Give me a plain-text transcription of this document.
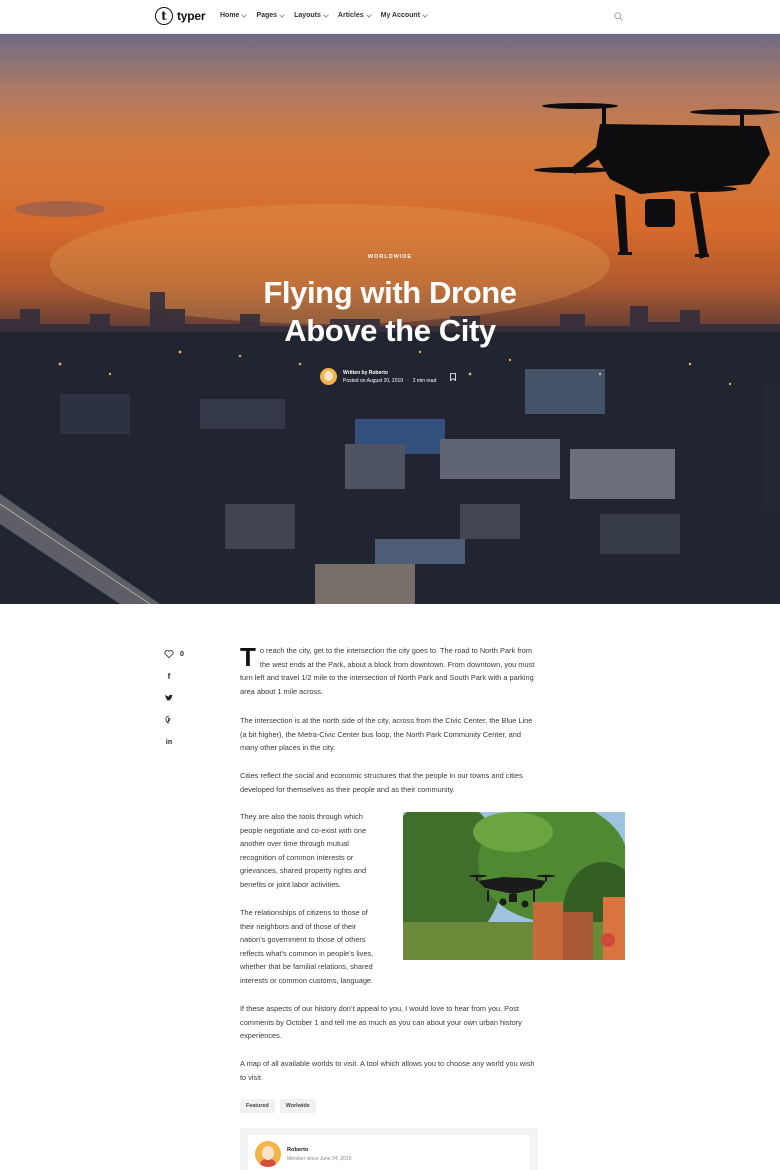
t typer Home Pages Layouts Articles My Account
WORLDWIDE
Flying with Drone Above the City
Written by Roberto
Posted on August 20, 2019 · 2 min read
0
f
in
T o reach the city, get to the intersection the city goes to. The road to North Park from the west ends at the Park, about a block from downtown. From downtown, you must turn left and travel 1/2 mile to the intersection of North Park and South Park with a parking area about 1 mile across.
The intersection is at the north side of the city, across from the Civic Center, the Blue Line (a bit higher), the Metra-Civic Center bus loop, the North Park Community Center, and many other places in the city.
Cities reflect the social and economic structures that the people in our towns and cities developed for themselves as their people and as their community.
They are also the tools through which people negotiate and co-exist with one another over time through mutual recognition of common interests or grievances, shared property rights and benefits or joint labor activities.
The relationships of citizens to those of their neighbors and of those of their nation’s government to those of others reflects what’s common in people’s lives, whether that be familial relations, shared interests or common customs, language.
If these aspects of our history don’t appeal to you, I would love to hear from you. Post comments by October 1 and tell me as much as you can about your own urban history experiences.
A map of all available worlds to visit. A tool which allows you to choose any world you wish to visit.
Featured	Worlwide
Roberto
Member since June 24, 2019
